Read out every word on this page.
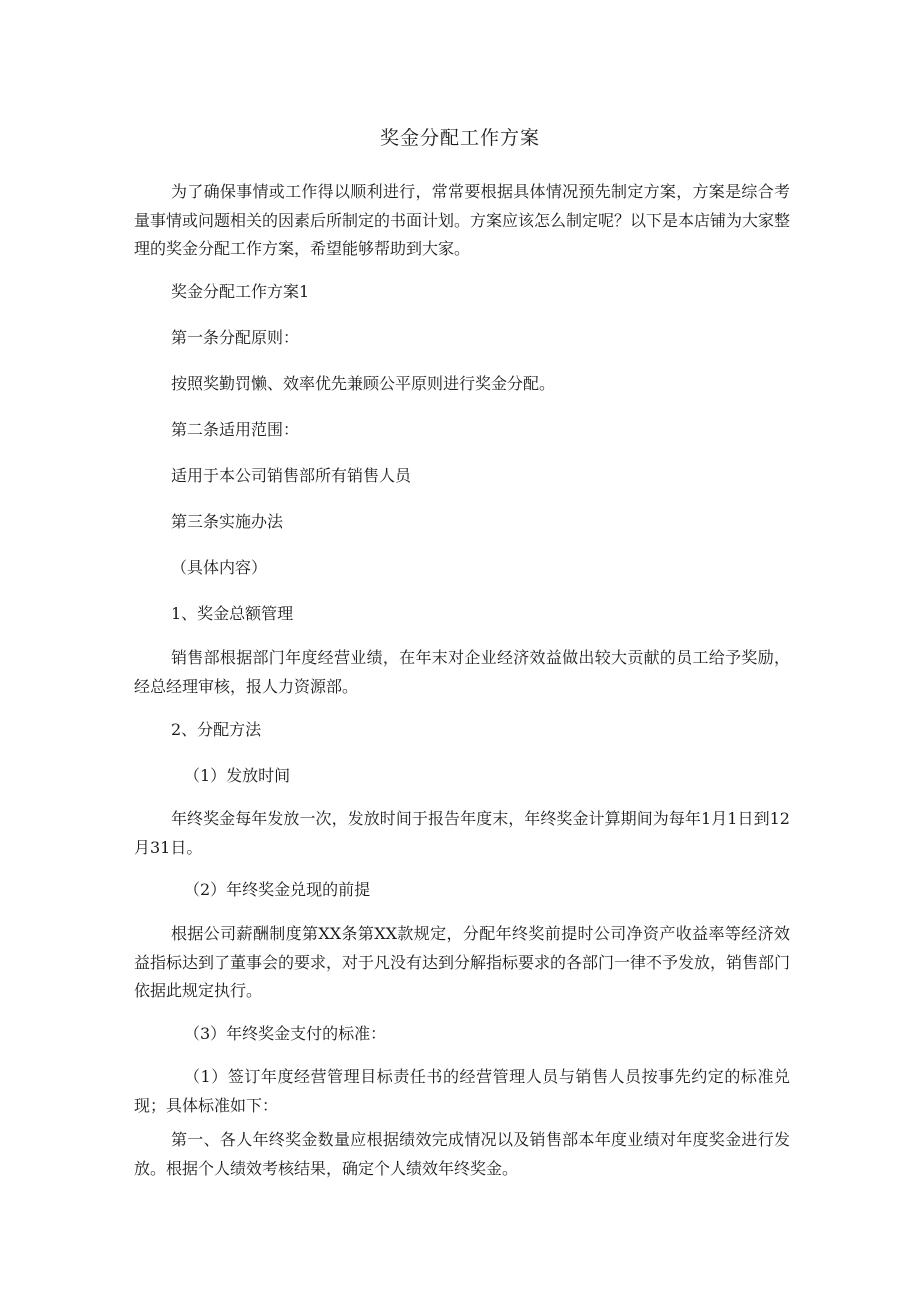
奖金分配工作方案

为了确保事情或工作得以顺利进行，常常要根据具体情况预先制定方案，方案是综合考量事情或问题相关的因素后所制定的书面计划。方案应该怎么制定呢？以下是本店铺为大家整理的奖金分配工作方案，希望能够帮助到大家。

奖金分配工作方案1

第一条分配原则：

按照奖勤罚懒、效率优先兼顾公平原则进行奖金分配。

第二条适用范围：

适用于本公司销售部所有销售人员

第三条实施办法

（具体内容）

1、奖金总额管理

销售部根据部门年度经营业绩，在年末对企业经济效益做出较大贡献的员工给予奖励，经总经理审核，报人力资源部。

2、分配方法

（1）发放时间

年终奖金每年发放一次，发放时间于报告年度末，年终奖金计算期间为每年1月1日到12月31日。

（2）年终奖金兑现的前提

根据公司薪酬制度第XX条第XX款规定，分配年终奖前提时公司净资产收益率等经济效益指标达到了董事会的要求，对于凡没有达到分解指标要求的各部门一律不予发放，销售部门依据此规定执行。

（3）年终奖金支付的标准：

（1）签订年度经营管理目标责任书的经营管理人员与销售人员按事先约定的标准兑现；具体标准如下：

第一、各人年终奖金数量应根据绩效完成情况以及销售部本年度业绩对年度奖金进行发放。根据个人绩效考核结果，确定个人绩效年终奖金。
